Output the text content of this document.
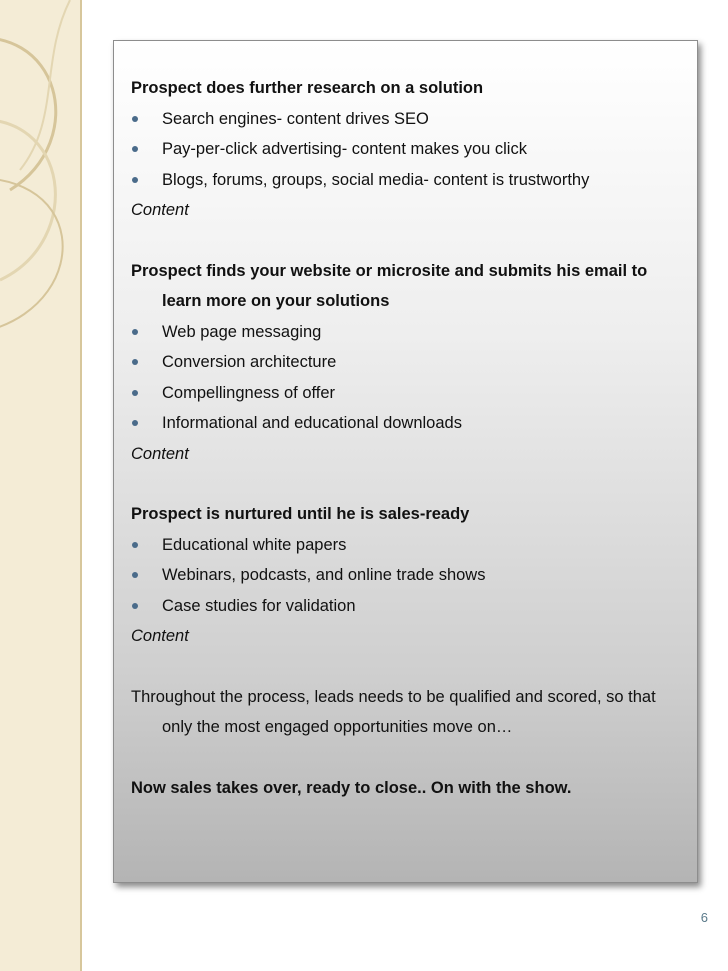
Prospect does further research on a solution

Search engines- content drives SEO
Pay-per-click advertising- content makes you click
Blogs, forums, groups, social media- content is trustworthy

Content

Prospect finds your website or microsite and submits his email to learn more on your solutions

Web page messaging
Conversion architecture
Compellingness of offer
Informational and educational downloads

Content

Prospect is nurtured until he is sales-ready

Educational white papers
Webinars, podcasts, and online trade shows
Case studies for validation

Content

Throughout the process, leads needs to be qualified and scored, so that only the most engaged opportunities move on…

Now sales takes over, ready to close.. On with the show.

6
